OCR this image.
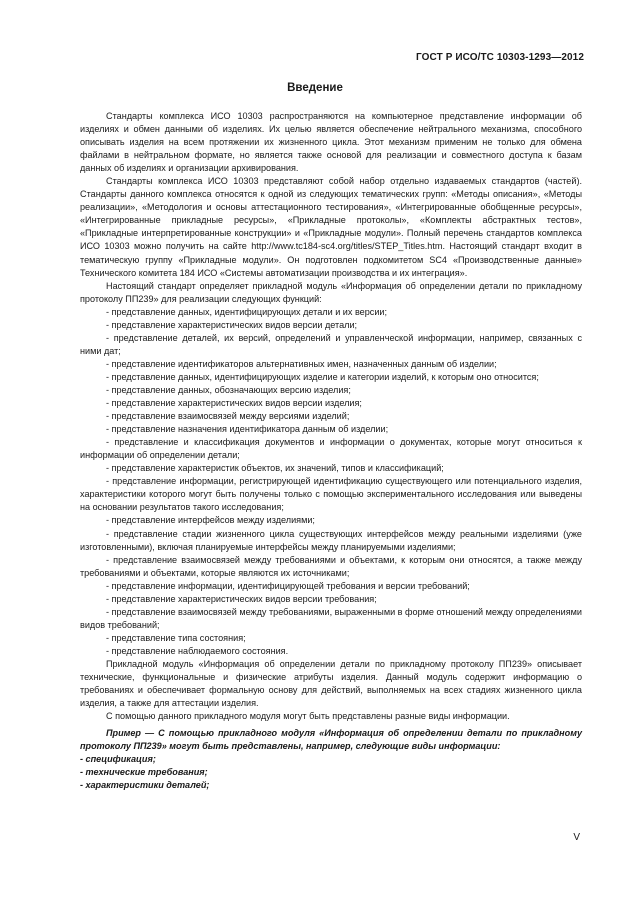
ГОСТ Р ИСО/ТС 10303-1293—2012
Введение

Стандарты комплекса ИСО 10303 распространяются на компьютерное представление информации об изделиях и обмен данными об изделиях. Их целью является обеспечение нейтрального механизма, способного описывать изделия на всем протяжении их жизненного цикла. Этот механизм применим не только для обмена файлами в нейтральном формате, но является также основой для реализации и совместного доступа к базам данных об изделиях и организации архивирования.

Стандарты комплекса ИСО 10303 представляют собой набор отдельно издаваемых стандартов (частей). Стандарты данного комплекса относятся к одной из следующих тематических групп: «Методы описания», «Методы реализации», «Методология и основы аттестационного тестирования», «Интегрированные обобщенные ресурсы», «Интегрированные прикладные ресурсы», «Прикладные протоколы», «Комплекты абстрактных тестов», «Прикладные интерпретированные конструкции» и «Прикладные модули». Полный перечень стандартов комплекса ИСО 10303 можно получить на сайте http://www.tc184-sc4.org/titles/STEP_Titles.htm. Настоящий стандарт входит в тематическую группу «Прикладные модули». Он подготовлен подкомитетом SC4 «Производственные данные» Технического комитета 184 ИСО «Системы автоматизации производства и их интеграция».

Настоящий стандарт определяет прикладной модуль «Информация об определении детали по прикладному протоколу ПП239» для реализации следующих функций:

- представление данных, идентифицирующих детали и их версии;

- представление характеристических видов версии детали;

- представление деталей, их версий, определений и управленческой информации, например, связанных с ними дат;

- представление идентификаторов альтернативных имен, назначенных данным об изделии;

- представление данных, идентифицирующих изделие и категории изделий, к которым оно относится;

- представление данных, обозначающих версию изделия;

- представление характеристических видов версии изделия;

- представление взаимосвязей между версиями изделий;

- представление назначения идентификатора данным об изделии;

- представление и классификация документов и информации о документах, которые могут относиться к информации об определении детали;

- представление характеристик объектов, их значений, типов и классификаций;

- представление информации, регистрирующей идентификацию существующего или потенциального изделия, характеристики которого могут быть получены только с помощью экспериментального исследования или выведены на основании результатов такого исследования;

- представление интерфейсов между изделиями;

- представление стадии жизненного цикла существующих интерфейсов между реальными изделиями (уже изготовленными), включая планируемые интерфейсы между планируемыми изделиями;

- представление взаимосвязей между требованиями и объектами, к которым они относятся, а также между требованиями и объектами, которые являются их источниками;

- представление информации, идентифицирующей требования и версии требований;

- представление характеристических видов версии требования;

- представление взаимосвязей между требованиями, выраженными в форме отношений между определениями видов требований;

- представление типа состояния;

- представление наблюдаемого состояния.

Прикладной модуль «Информация об определении детали по прикладному протоколу ПП239» описывает технические, функциональные и физические атрибуты изделия. Данный модуль содержит информацию о требованиях и обеспечивает формальную основу для действий, выполняемых на всех стадиях жизненного цикла изделия, а также для аттестации изделия.

С помощью данного прикладного модуля могут быть представлены разные виды информации.

Пример — С помощью прикладного модуля «Информация об определении детали по прикладному протоколу ПП239» могут быть представлены, например, следующие виды информации:

- спецификация;

- технические требования;

- характеристики деталей;

V
